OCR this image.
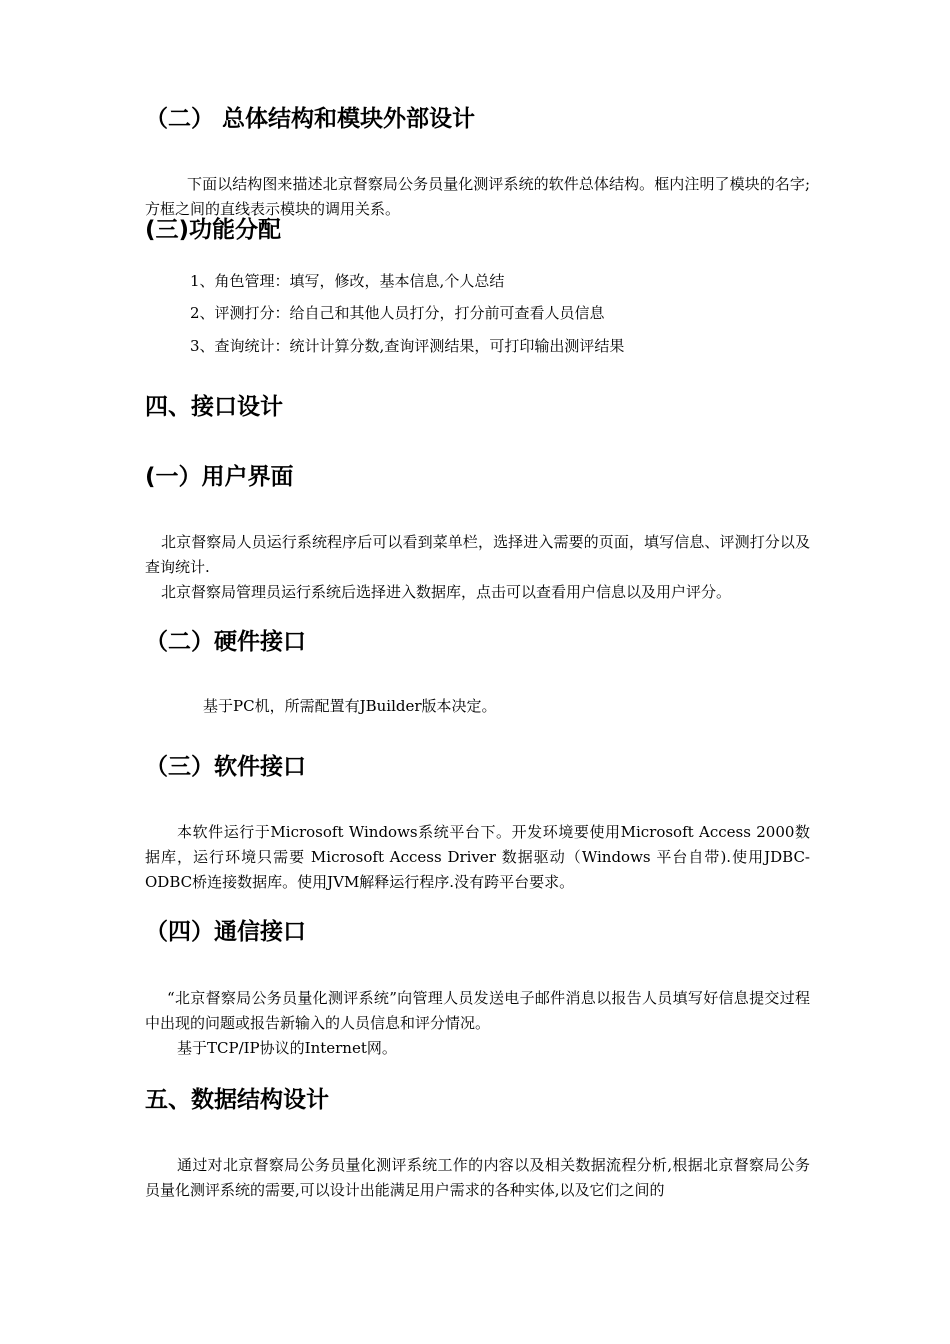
（二） 总体结构和模块外部设计

下面以结构图来描述北京督察局公务员量化测评系统的软件总体结构。框内注明了模块的名字;方框之间的直线表示模块的调用关系。

(三)功能分配

1、角色管理：填写，修改，基本信息,个人总结

2、评测打分：给自己和其他人员打分，打分前可查看人员信息

3、查询统计：统计计算分数,查询评测结果，可打印输出测评结果

四、接口设计
(一）用户界面

北京督察局人员运行系统程序后可以看到菜单栏，选择进入需要的页面，填写信息、评测打分以及查询统计.

北京督察局管理员运行系统后选择进入数据库，点击可以查看用户信息以及用户评分。

（二）硬件接口

基于PC机，所需配置有JBuilder版本决定。

（三）软件接口

本软件运行于Microsoft Windows系统平台下。开发环境要使用Microsoft Access 2000数据库，运行环境只需要 Microsoft Access Driver 数据驱动（Windows 平台自带).使用JDBC-ODBC桥连接数据库。使用JVM解释运行程序.没有跨平台要求。

（四）通信接口

“北京督察局公务员量化测评系统”向管理人员发送电子邮件消息以报告人员填写好信息提交过程中出现的问题或报告新输入的人员信息和评分情况。

基于TCP/IP协议的Internet网。

五、数据结构设计

通过对北京督察局公务员量化测评系统工作的内容以及相关数据流程分析,根据北京督察局公务员量化测评系统的需要,可以设计出能满足用户需求的各种实体,以及它们之间的
